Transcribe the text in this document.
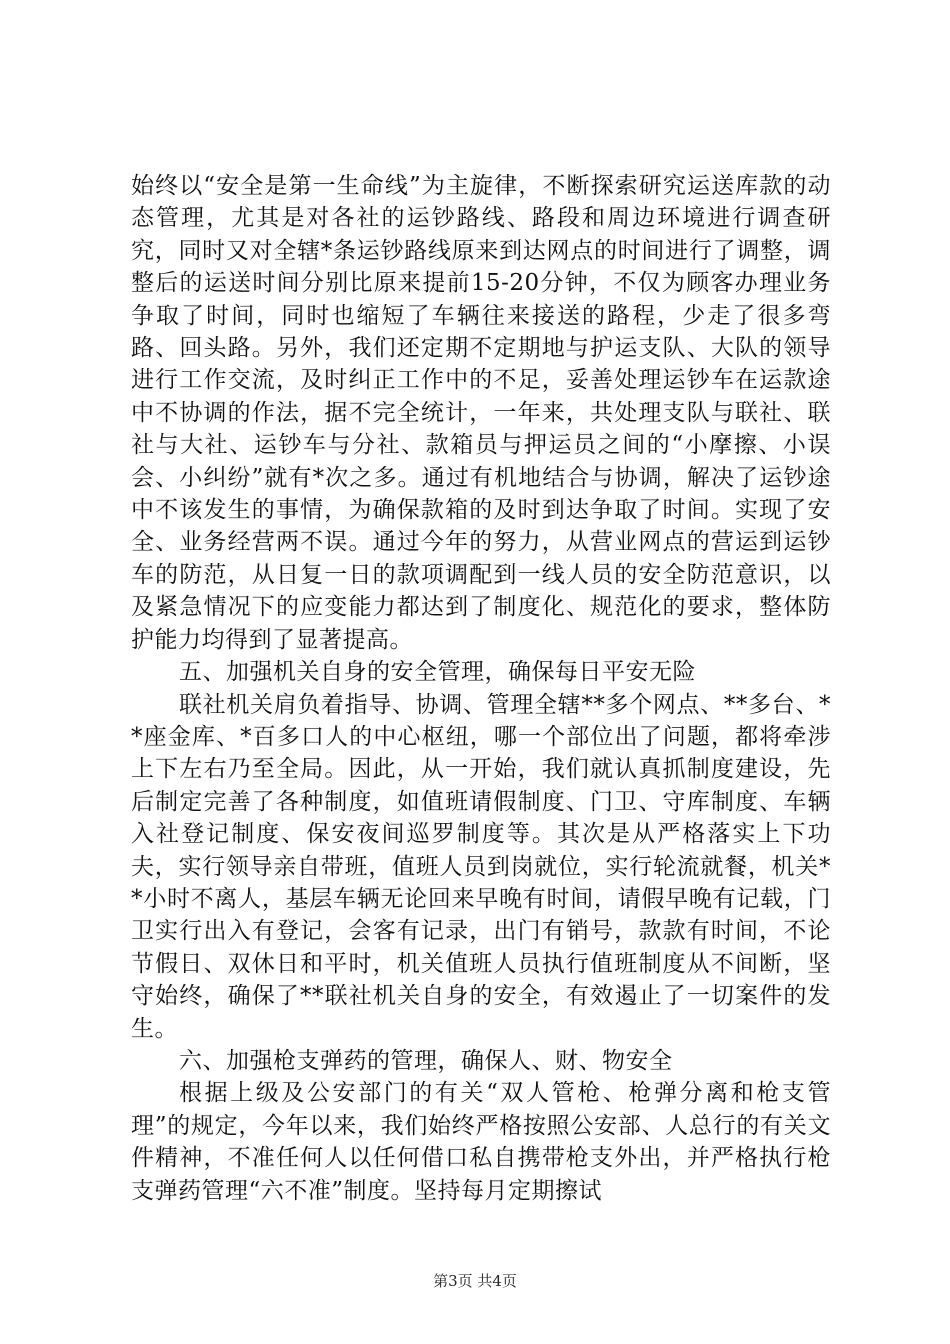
始终以“安全是第一生命线”为主旋律，不断探索研究运送库款的动态管理，尤其是对各社的运钞路线、路段和周边环境进行调查研究，同时又对全辖*条运钞路线原来到达网点的时间进行了调整，调整后的运送时间分别比原来提前15-20分钟，不仅为顾客办理业务争取了时间，同时也缩短了车辆往来接送的路程，少走了很多弯路、回头路。另外，我们还定期不定期地与护运支队、大队的领导进行工作交流，及时纠正工作中的不足，妥善处理运钞车在运款途中不协调的作法，据不完全统计，一年来，共处理支队与联社、联社与大社、运钞车与分社、款箱员与押运员之间的“小摩擦、小误会、小纠纷”就有*次之多。通过有机地结合与协调，解决了运钞途中不该发生的事情，为确保款箱的及时到达争取了时间。实现了安全、业务经营两不误。通过今年的努力，从营业网点的营运到运钞车的防范，从日复一日的款项调配到一线人员的安全防范意识，以及紧急情况下的应变能力都达到了制度化、规范化的要求，整体防护能力均得到了显著提高。

五、加强机关自身的安全管理，确保每日平安无险

联社机关肩负着指导、协调、管理全辖**多个网点、**多台、**座金库、*百多口人的中心枢纽，哪一个部位出了问题，都将牵涉上下左右乃至全局。因此，从一开始，我们就认真抓制度建设，先后制定完善了各种制度，如值班请假制度、门卫、守库制度、车辆入社登记制度、保安夜间巡罗制度等。其次是从严格落实上下功夫，实行领导亲自带班，值班人员到岗就位，实行轮流就餐，机关**小时不离人，基层车辆无论回来早晚有时间，请假早晚有记载，门卫实行出入有登记，会客有记录，出门有销号，款款有时间，不论节假日、双休日和平时，机关值班人员执行值班制度从不间断，坚守始终，确保了**联社机关自身的安全，有效遏止了一切案件的发生。

六、加强枪支弹药的管理，确保人、财、物安全

根据上级及公安部门的有关“双人管枪、枪弹分离和枪支管理”的规定，今年以来，我们始终严格按照公安部、人总行的有关文件精神，不准任何人以任何借口私自携带枪支外出，并严格执行枪支弹药管理“六不准”制度。坚持每月定期擦试

第3页 共4页
